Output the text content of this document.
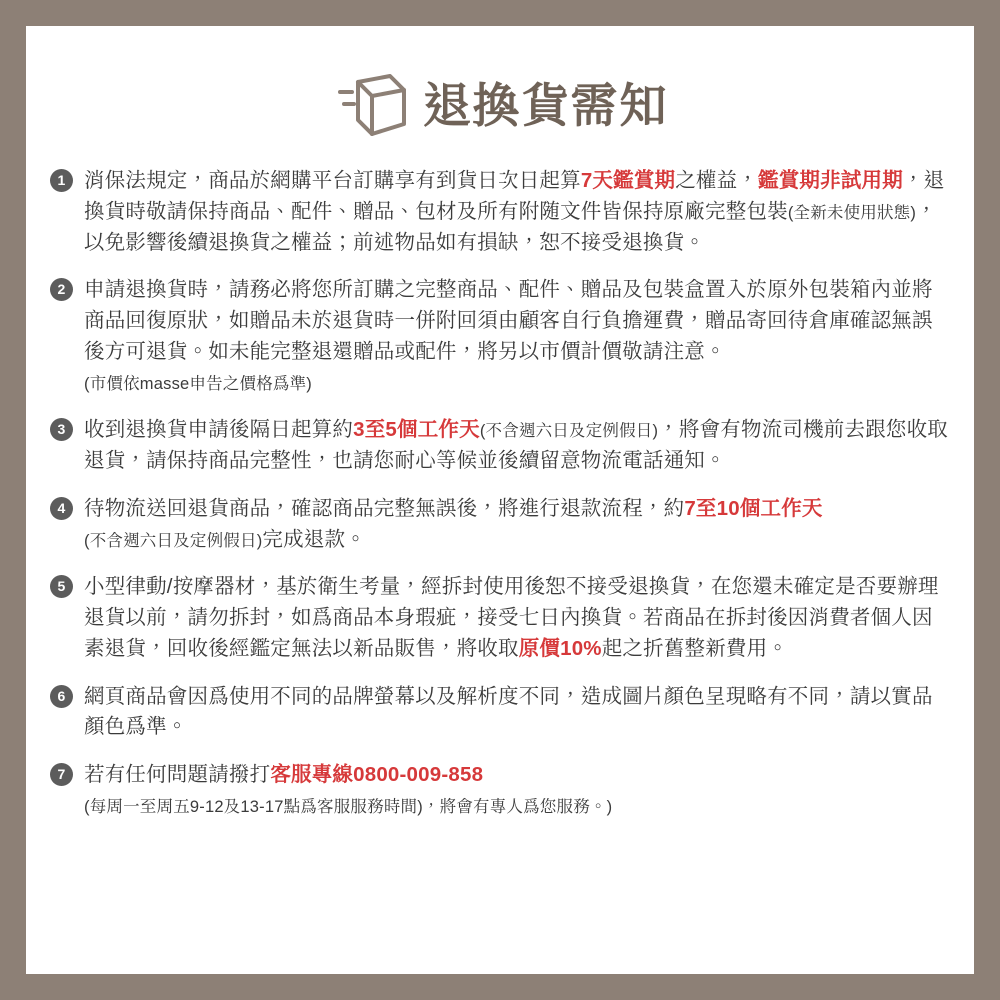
退換貨需知
1 消保法規定，商品於網購平台訂購享有到貨日次日起算7天鑑賞期之權益，鑑賞期非試用期，退換貨時敬請保持商品、配件、贈品、包材及所有附随文件皆保持原廠完整包裝(全新未使用狀態)，以免影響後續退換貨之權益；前述物品如有損缺，恕不接受退換貨。
2 申請退換貨時，請務必將您所訂購之完整商品、配件、贈品及包裝盒置入於原外包裝箱內並將商品回復原狀，如贈品未於退貨時一併附回須由顧客自行負擔運費，贈品寄回待倉庫確認無誤後方可退貨。如未能完整退還贈品或配件，將另以市價計價敬請注意。
(市價依masse申告之價格爲準)
3 收到退換貨申請後隔日起算約3至5個工作天(不含週六日及定例假日)，將會有物流司機前去跟您收取退貨，請保持商品完整性，也請您耐心等候並後續留意物流電話通知。
4 待物流送回退貨商品，確認商品完整無誤後，將進行退款流程，約7至10個工作天
(不含週六日及定例假日)完成退款。
5 小型律動/按摩器材，基於衛生考量，經拆封使用後恕不接受退換貨，在您還未確定是否要辦理退貨以前，請勿拆封，如爲商品本身瑕疵，接受七日內換貨。若商品在拆封後因消費者個人因素退貨，回收後經鑑定無法以新品販售，將收取原價10%起之折舊整新費用。
6 網頁商品會因爲使用不同的品牌螢幕以及解析度不同，造成圖片顏色呈現略有不同，請以實品顏色爲準。
7 若有任何問題請撥打客服專線0800-009-858
(每周一至周五9-12及13-17點爲客服服務時間)，將會有專人爲您服務。)
